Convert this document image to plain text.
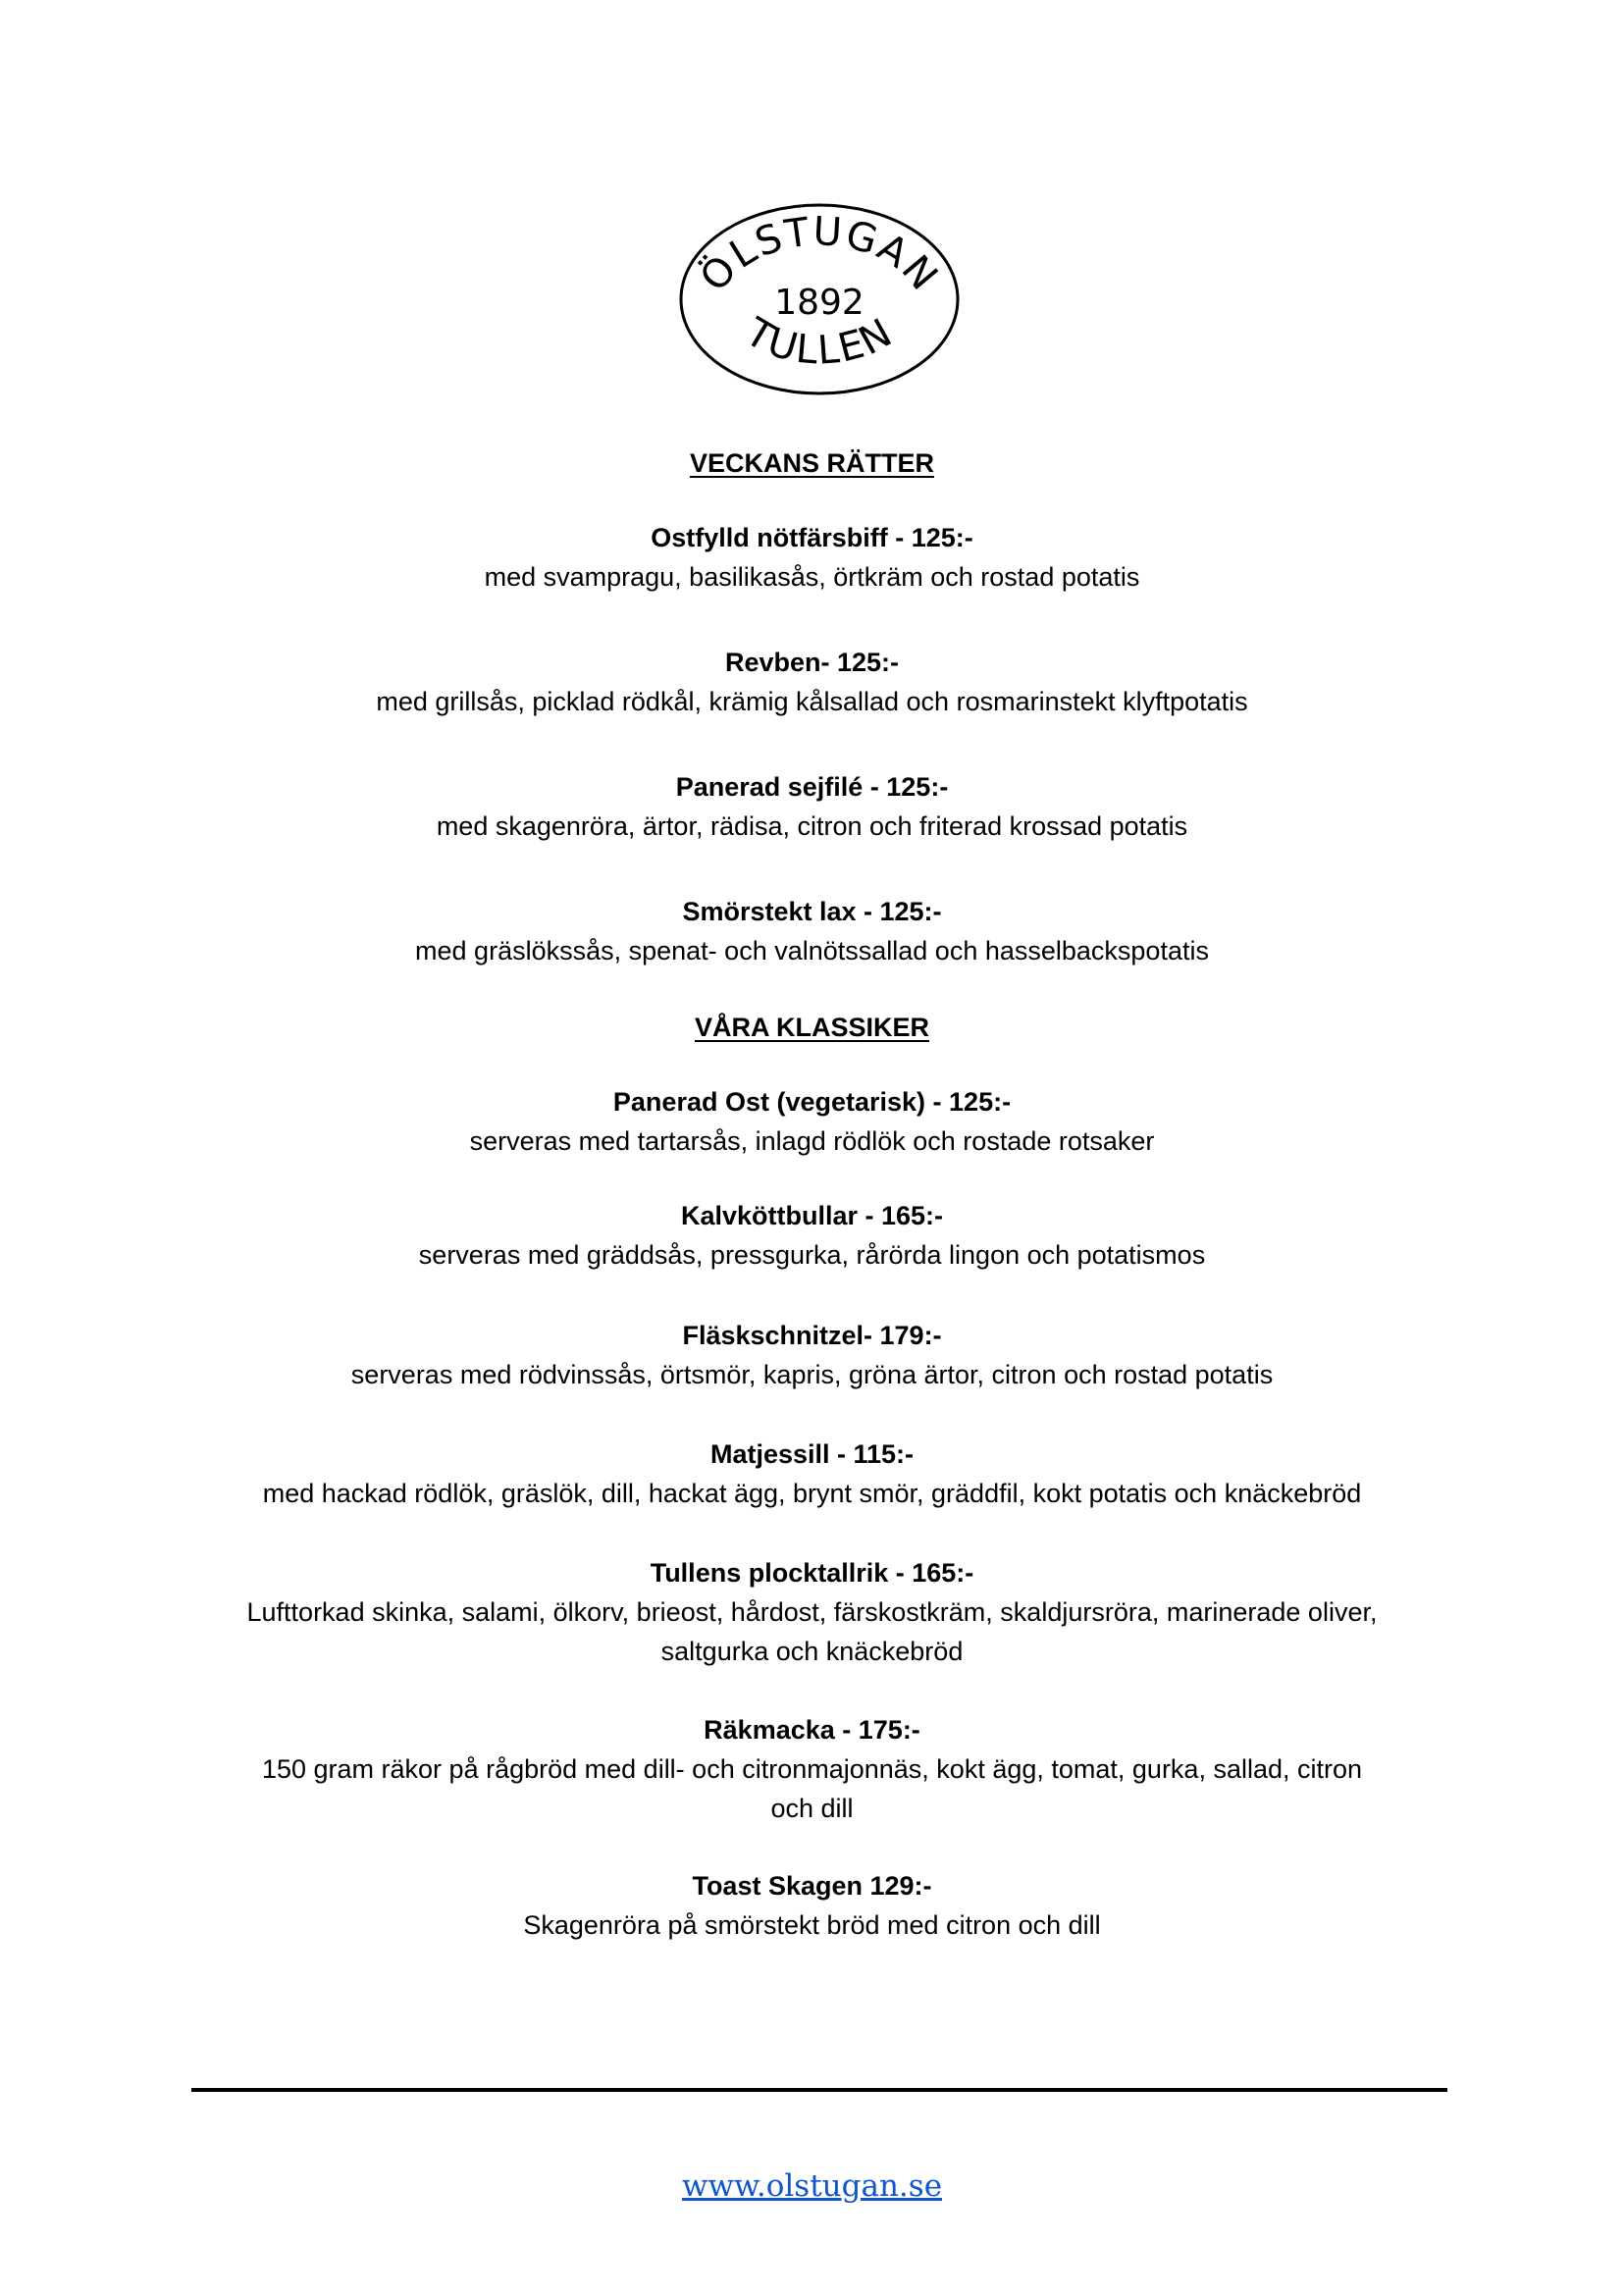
ÖLSTUGAN
1892
TULLEN
VECKANS RÄTTER
Ostfylld nötfärsbiff - 125:-
med svampragu, basilikasås, örtkräm och rostad potatis
Revben- 125:-
med grillsås, picklad rödkål, krämig kålsallad och rosmarinstekt klyftpotatis
Panerad sejfilé - 125:-
med skagenröra, ärtor, rädisa, citron och friterad krossad potatis
Smörstekt lax - 125:-
med gräslökssås, spenat- och valnötssallad och hasselbackspotatis
VÅRA KLASSIKER
Panerad Ost (vegetarisk) - 125:-
serveras med tartarsås, inlagd rödlök och rostade rotsaker
Kalvköttbullar - 165:-
serveras med gräddsås, pressgurka, rårörda lingon och potatismos
Fläskschnitzel- 179:-
serveras med rödvinssås, örtsmör, kapris, gröna ärtor, citron och rostad potatis
Matjessill - 115:-
med hackad rödlök, gräslök, dill, hackat ägg, brynt smör, gräddfil, kokt potatis och knäckebröd
Tullens plocktallrik - 165:-
Lufttorkad skinka, salami, ölkorv, brieost, hårdost, färskostkräm, skaldjursröra, marinerade oliver, saltgurka och knäckebröd
Räkmacka - 175:-
150 gram räkor på rågbröd med dill- och citronmajonnäs, kokt ägg, tomat, gurka, sallad, citron och dill
Toast Skagen 129:-
Skagenröra på smörstekt bröd med citron och dill
www.olstugan.se
